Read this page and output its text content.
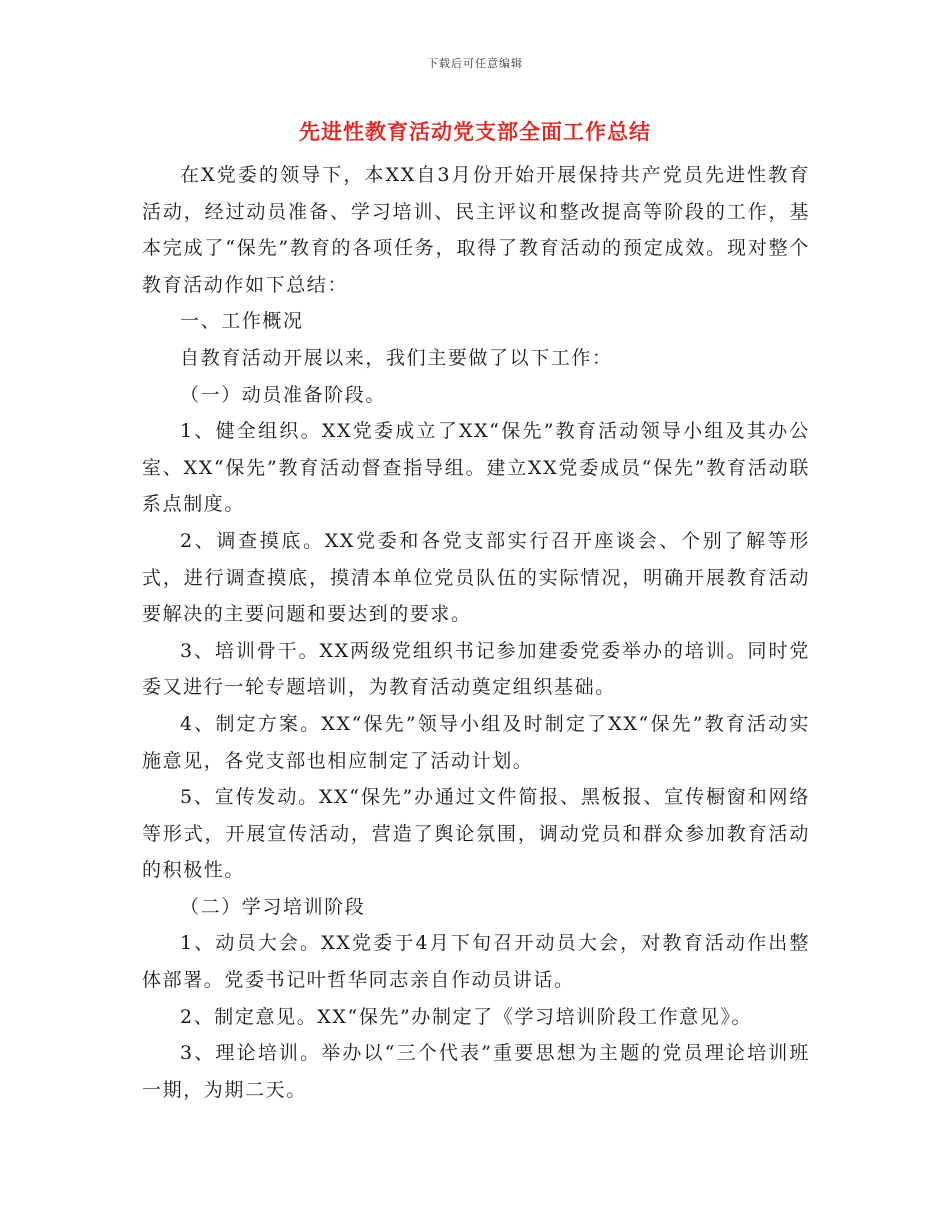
下载后可任意编辑
先进性教育活动党支部全面工作总结

在X党委的领导下，本XX自3月份开始开展保持共产党员先进性教育活动，经过动员准备、学习培训、民主评议和整改提高等阶段的工作，基本完成了“保先”教育的各项任务，取得了教育活动的预定成效。现对整个教育活动作如下总结：

一、工作概况

自教育活动开展以来，我们主要做了以下工作：

（一）动员准备阶段。

1、健全组织。XX党委成立了XX“保先”教育活动领导小组及其办公室、XX“保先”教育活动督查指导组。建立XX党委成员“保先”教育活动联系点制度。

2、调查摸底。XX党委和各党支部实行召开座谈会、个别了解等形式，进行调查摸底，摸清本单位党员队伍的实际情况，明确开展教育活动要解决的主要问题和要达到的要求。

3、培训骨干。XX两级党组织书记参加建委党委举办的培训。同时党委又进行一轮专题培训，为教育活动奠定组织基础。

4、制定方案。XX“保先”领导小组及时制定了XX“保先”教育活动实施意见，各党支部也相应制定了活动计划。

5、宣传发动。XX“保先”办通过文件简报、黑板报、宣传橱窗和网络等形式，开展宣传活动，营造了舆论氛围，调动党员和群众参加教育活动的积极性。

（二）学习培训阶段

1、动员大会。XX党委于4月下旬召开动员大会，对教育活动作出整体部署。党委书记叶哲华同志亲自作动员讲话。

2、制定意见。XX“保先”办制定了《学习培训阶段工作意见》。

3、理论培训。举办以“三个代表”重要思想为主题的党员理论培训班一期，为期二天。
